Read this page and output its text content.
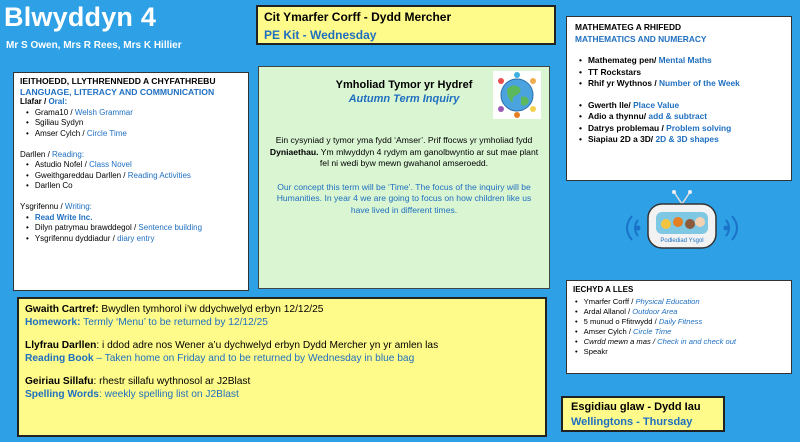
Blwyddyn 4
Mr S Owen, Mrs R Rees, Mrs K Hillier
Cit Ymarfer Corff - Dydd Mercher
PE Kit - Wednesday
IEITHOEDD, LLYTHRENNEDD A CHYFATHREBU
LANGUAGE, LITERACY AND COMMUNICATION
Llafar / Oral:
• Grama10 / Welsh Grammar
• Sgiliau Sydyn
• Amser Cylch / Circle Time
Darllen / Reading:
• Astudio Nofel / Class Novel
• Gweithgareddau Darllen / Reading Activities
• Darllen Co
Ysgrifennu / Writing:
• Read Write Inc.
• Dilyn patrymau brawddegol / Sentence building
• Ysgrifennu dyddiadur / diary entry
Ymholiad Tymor yr Hydref
Autumn Term Inquiry
Ein cysyniad y tymor yma fydd ‘Amser’. Prif ffocws yr ymholiad fydd Dyniaethau. Ym mlwyddyn 4 rydym am ganolbwyntio ar sut mae plant fel ni wedi byw mewn gwahanol amseroedd.
Our concept this term will be ‘Time’. The focus of the inquiry will be Humanities. In year 4 we are going to focus on how children like us have lived in different times.
MATHEMATEG A RHIFEDD
MATHEMATICS AND NUMERACY
• Mathemateg pen/ Mental Maths
• TT Rockstars
• Rhif yr Wythnos / Number of the Week
• Gwerth lle/ Place Value
• Adio a thynnu/ add & subtract
• Datrys problemau / Problem solving
• Siapiau 2D a 3D/ 2D & 3D shapes
Podlediad Ysgol
Gwaith Cartref: Bwydlen tymhorol i’w ddychwelyd erbyn 12/12/25
Homework: Termly ‘Menu’ to be returned by 12/12/25
Llyfrau Darllen: i ddod adre nos Wener a’u dychwelyd erbyn Dydd Mercher yn yr amlen las
Reading Book – Taken home on Friday and to be returned by Wednesday in blue bag
Geiriau Sillafu: rhestr sillafu wythnosol ar J2Blast
Spelling Words: weekly spelling list on J2Blast
IECHYD A LLES
• Ymarfer Corff / Physical Education
• Ardal Allanol / Outdoor Area
• 5 munud o Ffitrwydd / Daily Fitness
• Amser Cylch / Circle Time
• Cwrdd mewn a mas / Check in and check out
• Speakr
Esgidiau glaw - Dydd Iau
Wellingtons - Thursday
